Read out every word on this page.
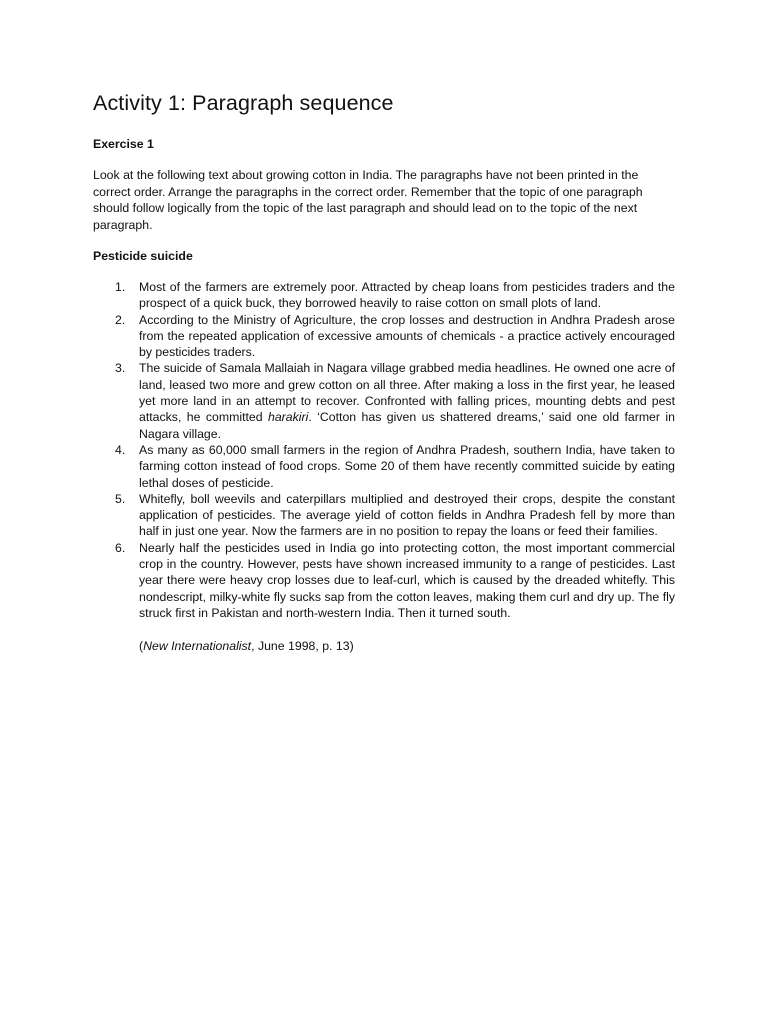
Activity 1: Paragraph sequence
Exercise 1

Look at the following text about growing cotton in India. The paragraphs have not been printed in the correct order. Arrange the paragraphs in the correct order. Remember that the topic of one paragraph should follow logically from the topic of the last paragraph and should lead on to the topic of the next paragraph.

Pesticide suicide
1. Most of the farmers are extremely poor. Attracted by cheap loans from pesticides traders and the prospect of a quick buck, they borrowed heavily to raise cotton on small plots of land.
2. According to the Ministry of Agriculture, the crop losses and destruction in Andhra Pradesh arose from the repeated application of excessive amounts of chemicals - a practice actively encouraged by pesticides traders.
3. The suicide of Samala Mallaiah in Nagara village grabbed media headlines. He owned one acre of land, leased two more and grew cotton on all three. After making a loss in the first year, he leased yet more land in an attempt to recover. Confronted with falling prices, mounting debts and pest attacks, he committed harakiri. ‘Cotton has given us shattered dreams,’ said one old farmer in Nagara village.
4. As many as 60,000 small farmers in the region of Andhra Pradesh, southern India, have taken to farming cotton instead of food crops. Some 20 of them have recently committed suicide by eating lethal doses of pesticide.
5. Whitefly, boll weevils and caterpillars multiplied and destroyed their crops, despite the constant application of pesticides. The average yield of cotton fields in Andhra Pradesh fell by more than half in just one year. Now the farmers are in no position to repay the loans or feed their families.
6. Nearly half the pesticides used in India go into protecting cotton, the most important commercial crop in the country. However, pests have shown increased immunity to a range of pesticides. Last year there were heavy crop losses due to leaf-curl, which is caused by the dreaded whitefly. This nondescript, milky-white fly sucks sap from the cotton leaves, making them curl and dry up. The fly struck first in Pakistan and north-western India. Then it turned south.
(New Internationalist, June 1998, p. 13)
